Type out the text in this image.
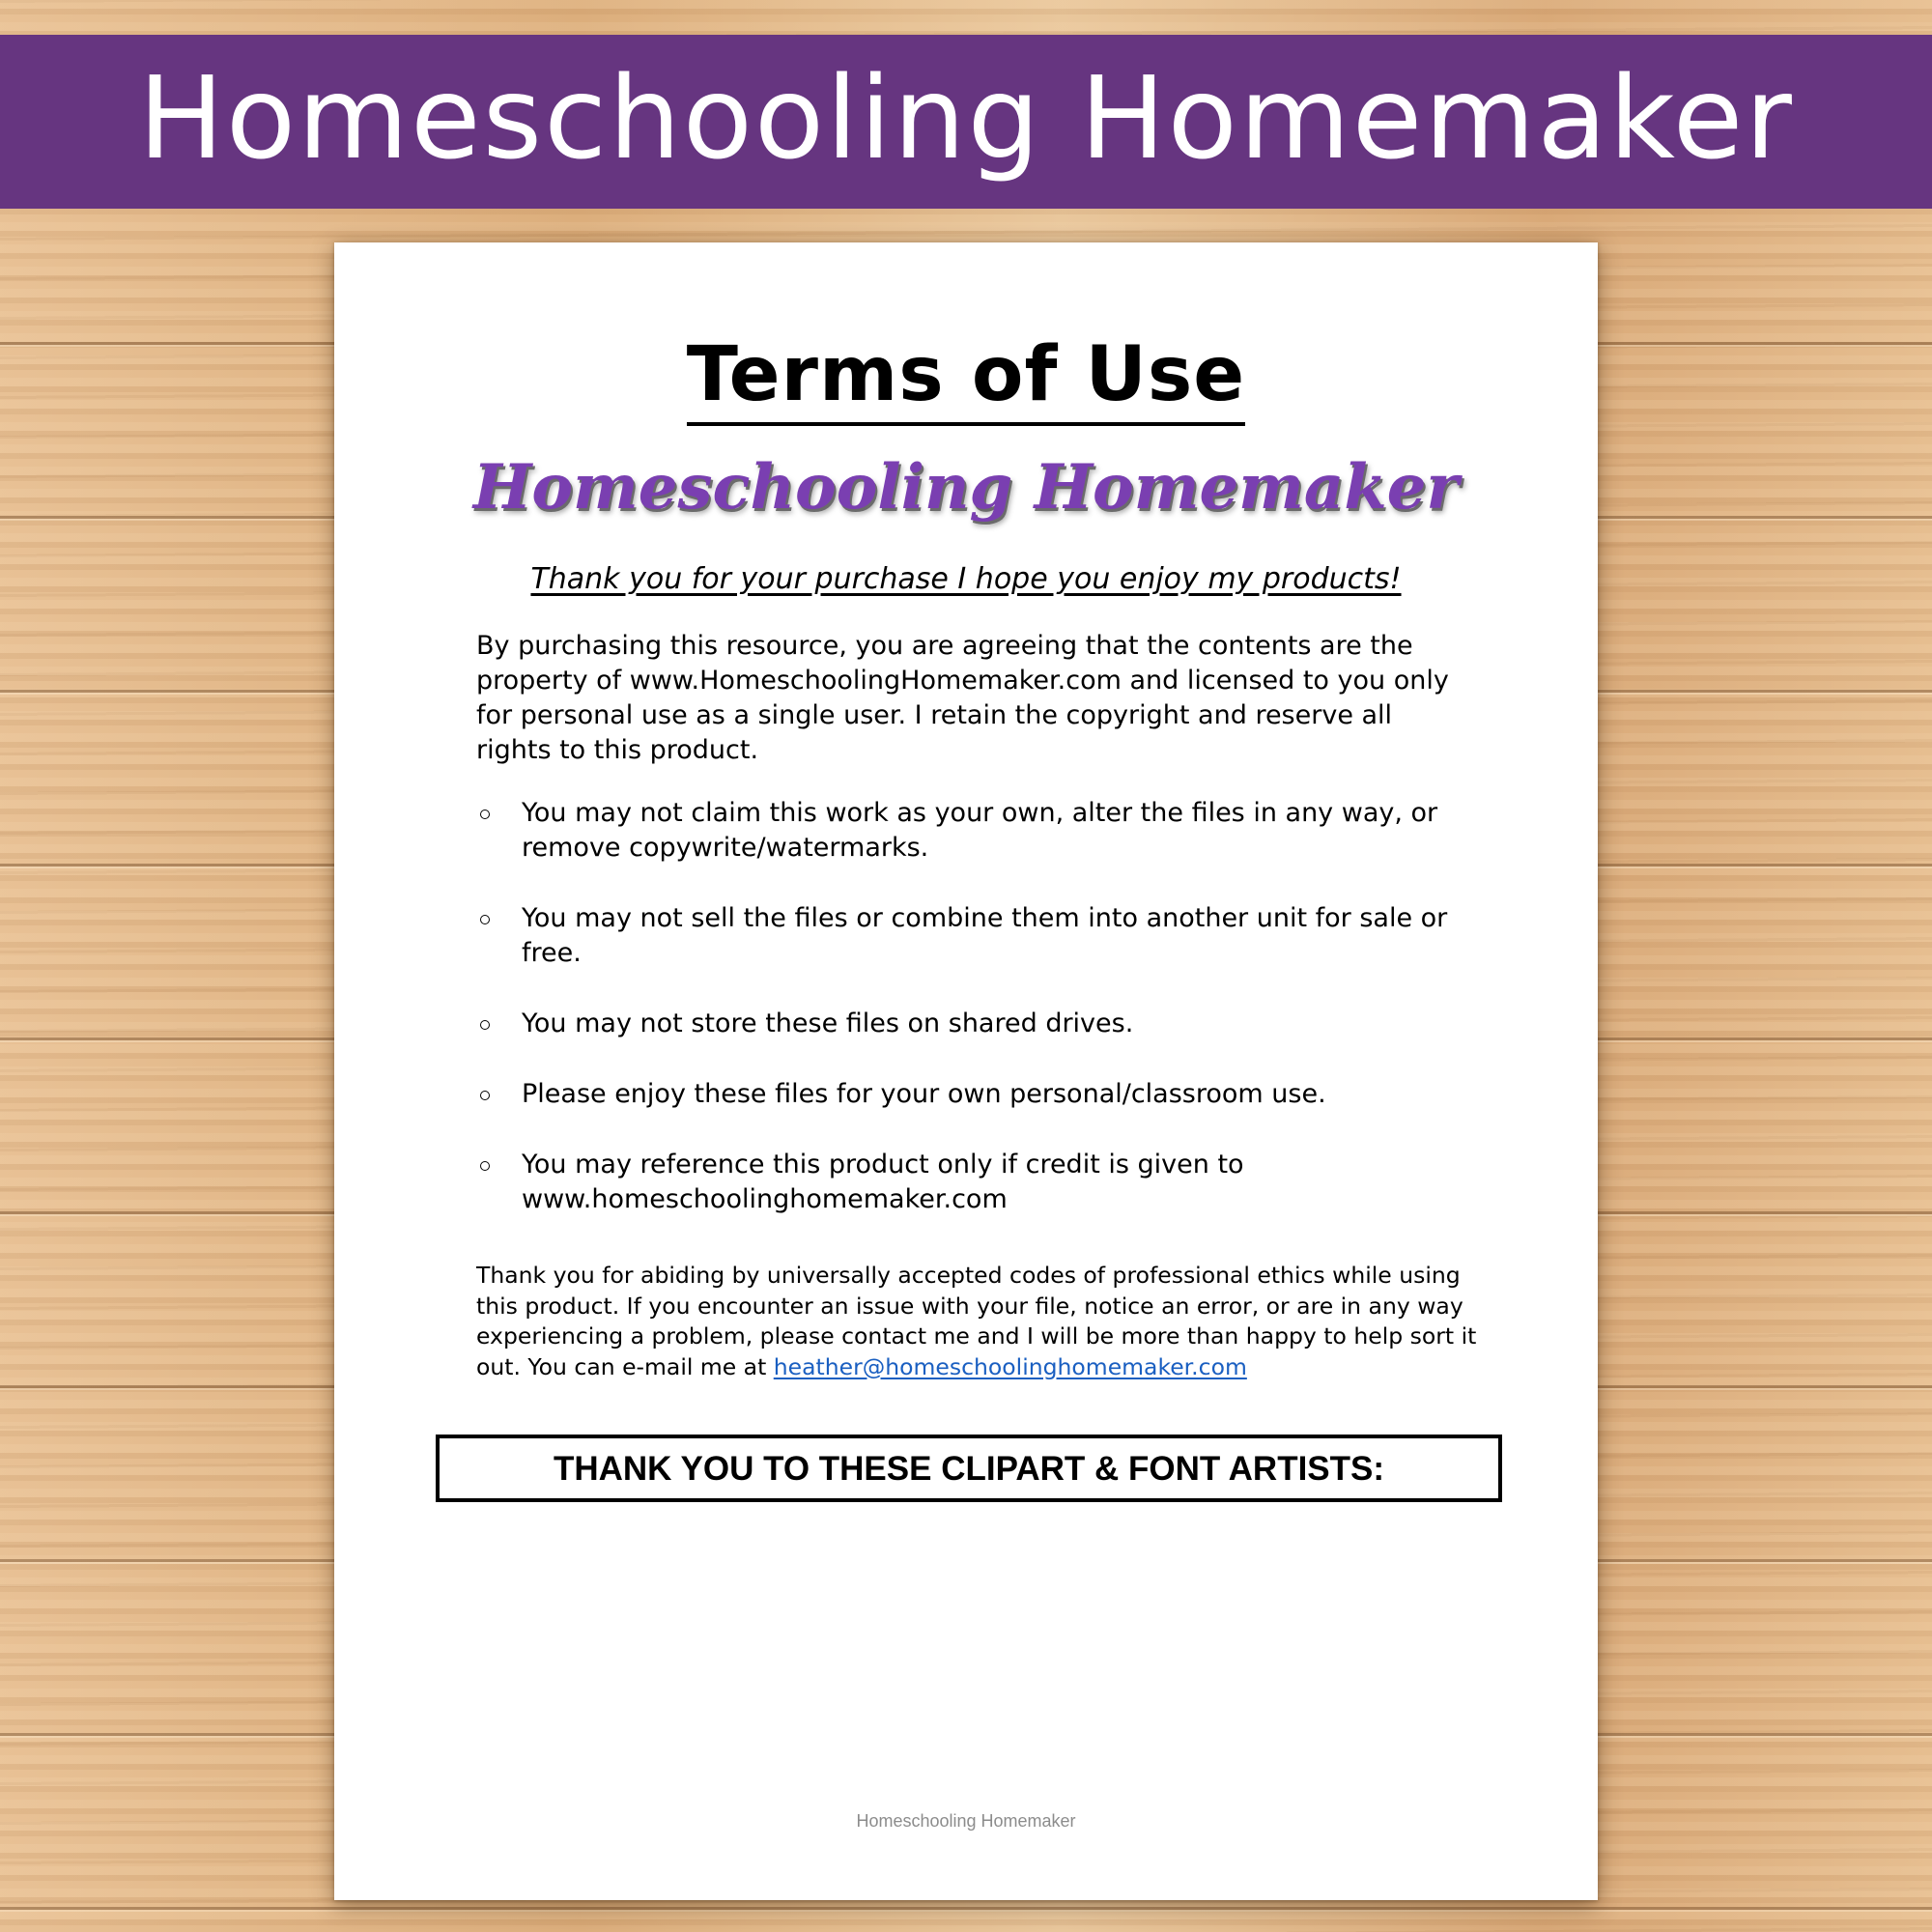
Homeschooling Homemaker
Terms of Use
Homeschooling Homemaker
Thank you for your purchase I hope you enjoy my products!

By purchasing this resource, you are agreeing that the contents are the property of www.HomeschoolingHomemaker.com and licensed to you only for personal use as a single user. I retain the copyright and reserve all rights to this product.

You may not claim this work as your own, alter the files in any way, or remove copywrite/watermarks.
You may not sell the files or combine them into another unit for sale or free.
You may not store these files on shared drives.
Please enjoy these files for your own personal/classroom use.
You may reference this product only if credit is given to www.homeschoolinghomemaker.com

Thank you for abiding by universally accepted codes of professional ethics while using this product. If you encounter an issue with your file, notice an error, or are in any way experiencing a problem, please contact me and I will be more than happy to help sort it out. You can e-mail me at heather@homeschoolinghomemaker.com

THANK YOU TO THESE CLIPART & FONT ARTISTS:
Homeschooling Homemaker
